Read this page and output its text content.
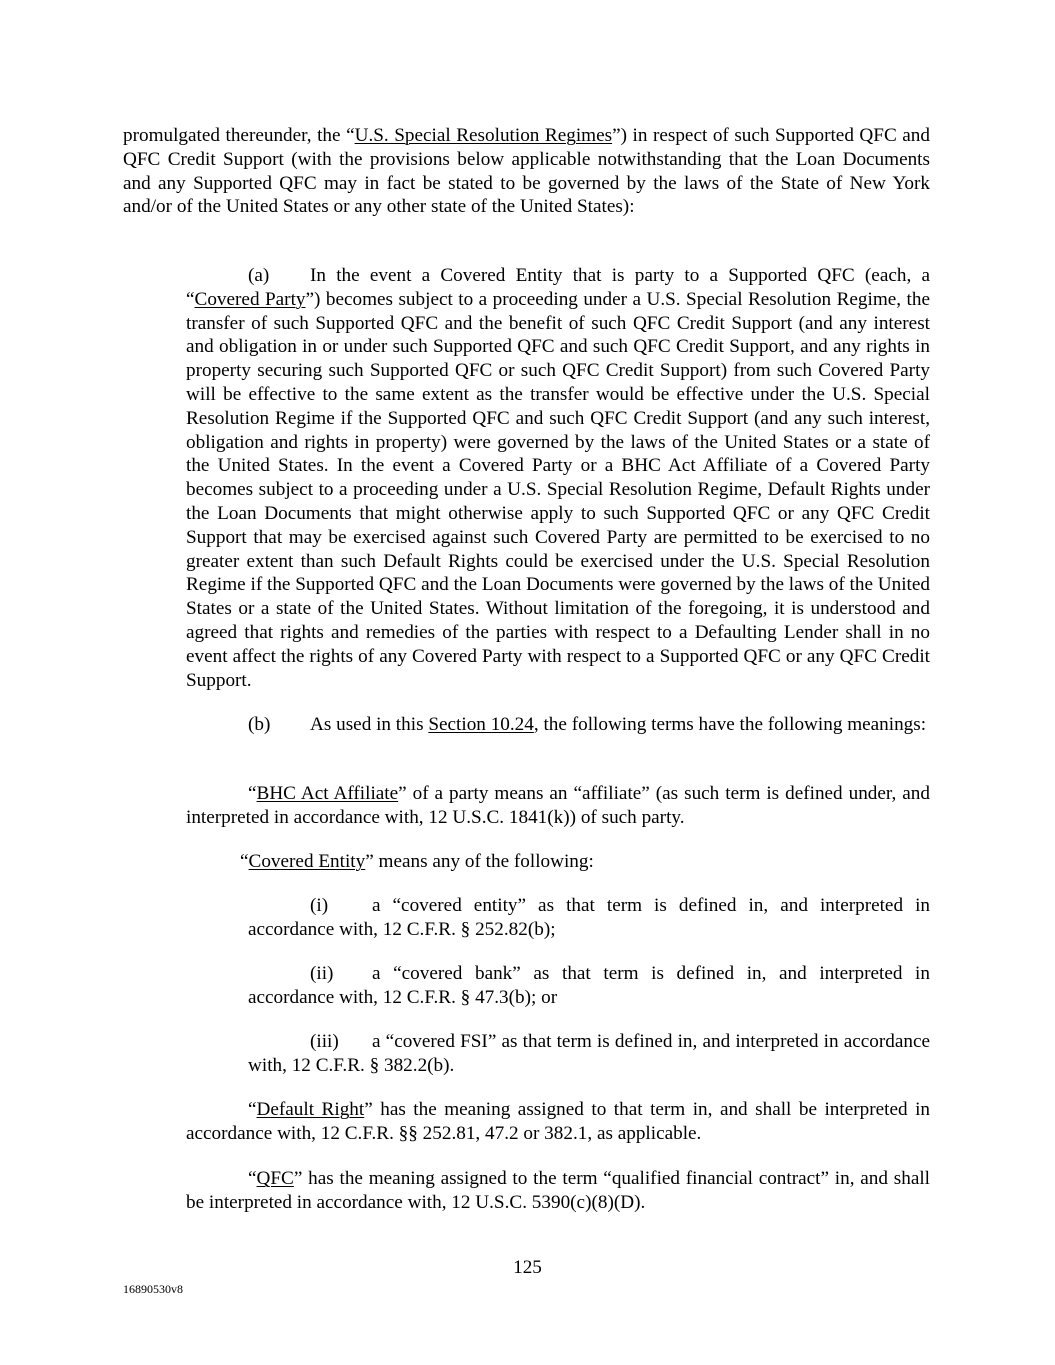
promulgated thereunder, the “U.S. Special Resolution Regimes”) in respect of such Supported QFC and QFC Credit Support (with the provisions below applicable notwithstanding that the Loan Documents and any Supported QFC may in fact be stated to be governed by the laws of the State of New York and/or of the United States or any other state of the United States):

(a) In the event a Covered Entity that is party to a Supported QFC (each, a “Covered Party”) becomes subject to a proceeding under a U.S. Special Resolution Regime, the transfer of such Supported QFC and the benefit of such QFC Credit Support (and any interest and obligation in or under such Supported QFC and such QFC Credit Support, and any rights in property securing such Supported QFC or such QFC Credit Support) from such Covered Party will be effective to the same extent as the transfer would be effective under the U.S. Special Resolution Regime if the Supported QFC and such QFC Credit Support (and any such interest, obligation and rights in property) were governed by the laws of the United States or a state of the United States. In the event a Covered Party or a BHC Act Affiliate of a Covered Party becomes subject to a proceeding under a U.S. Special Resolution Regime, Default Rights under the Loan Documents that might otherwise apply to such Supported QFC or any QFC Credit Support that may be exercised against such Covered Party are permitted to be exercised to no greater extent than such Default Rights could be exercised under the U.S. Special Resolution Regime if the Supported QFC and the Loan Documents were governed by the laws of the United States or a state of the United States. Without limitation of the foregoing, it is understood and agreed that rights and remedies of the parties with respect to a Defaulting Lender shall in no event affect the rights of any Covered Party with respect to a Supported QFC or any QFC Credit Support.

(b) As used in this Section 10.24, the following terms have the following meanings:

“BHC Act Affiliate” of a party means an “affiliate” (as such term is defined under, and interpreted in accordance with, 12 U.S.C. 1841(k)) of such party.

“Covered Entity” means any of the following:

(i) a “covered entity” as that term is defined in, and interpreted in accordance with, 12 C.F.R. § 252.82(b);

(ii) a “covered bank” as that term is defined in, and interpreted in accordance with, 12 C.F.R. § 47.3(b); or

(iii) a “covered FSI” as that term is defined in, and interpreted in accordance with, 12 C.F.R. § 382.2(b).

“Default Right” has the meaning assigned to that term in, and shall be interpreted in accordance with, 12 C.F.R. §§ 252.81, 47.2 or 382.1, as applicable.

“QFC” has the meaning assigned to the term “qualified financial contract” in, and shall be interpreted in accordance with, 12 U.S.C. 5390(c)(8)(D).

125
16890530v8
